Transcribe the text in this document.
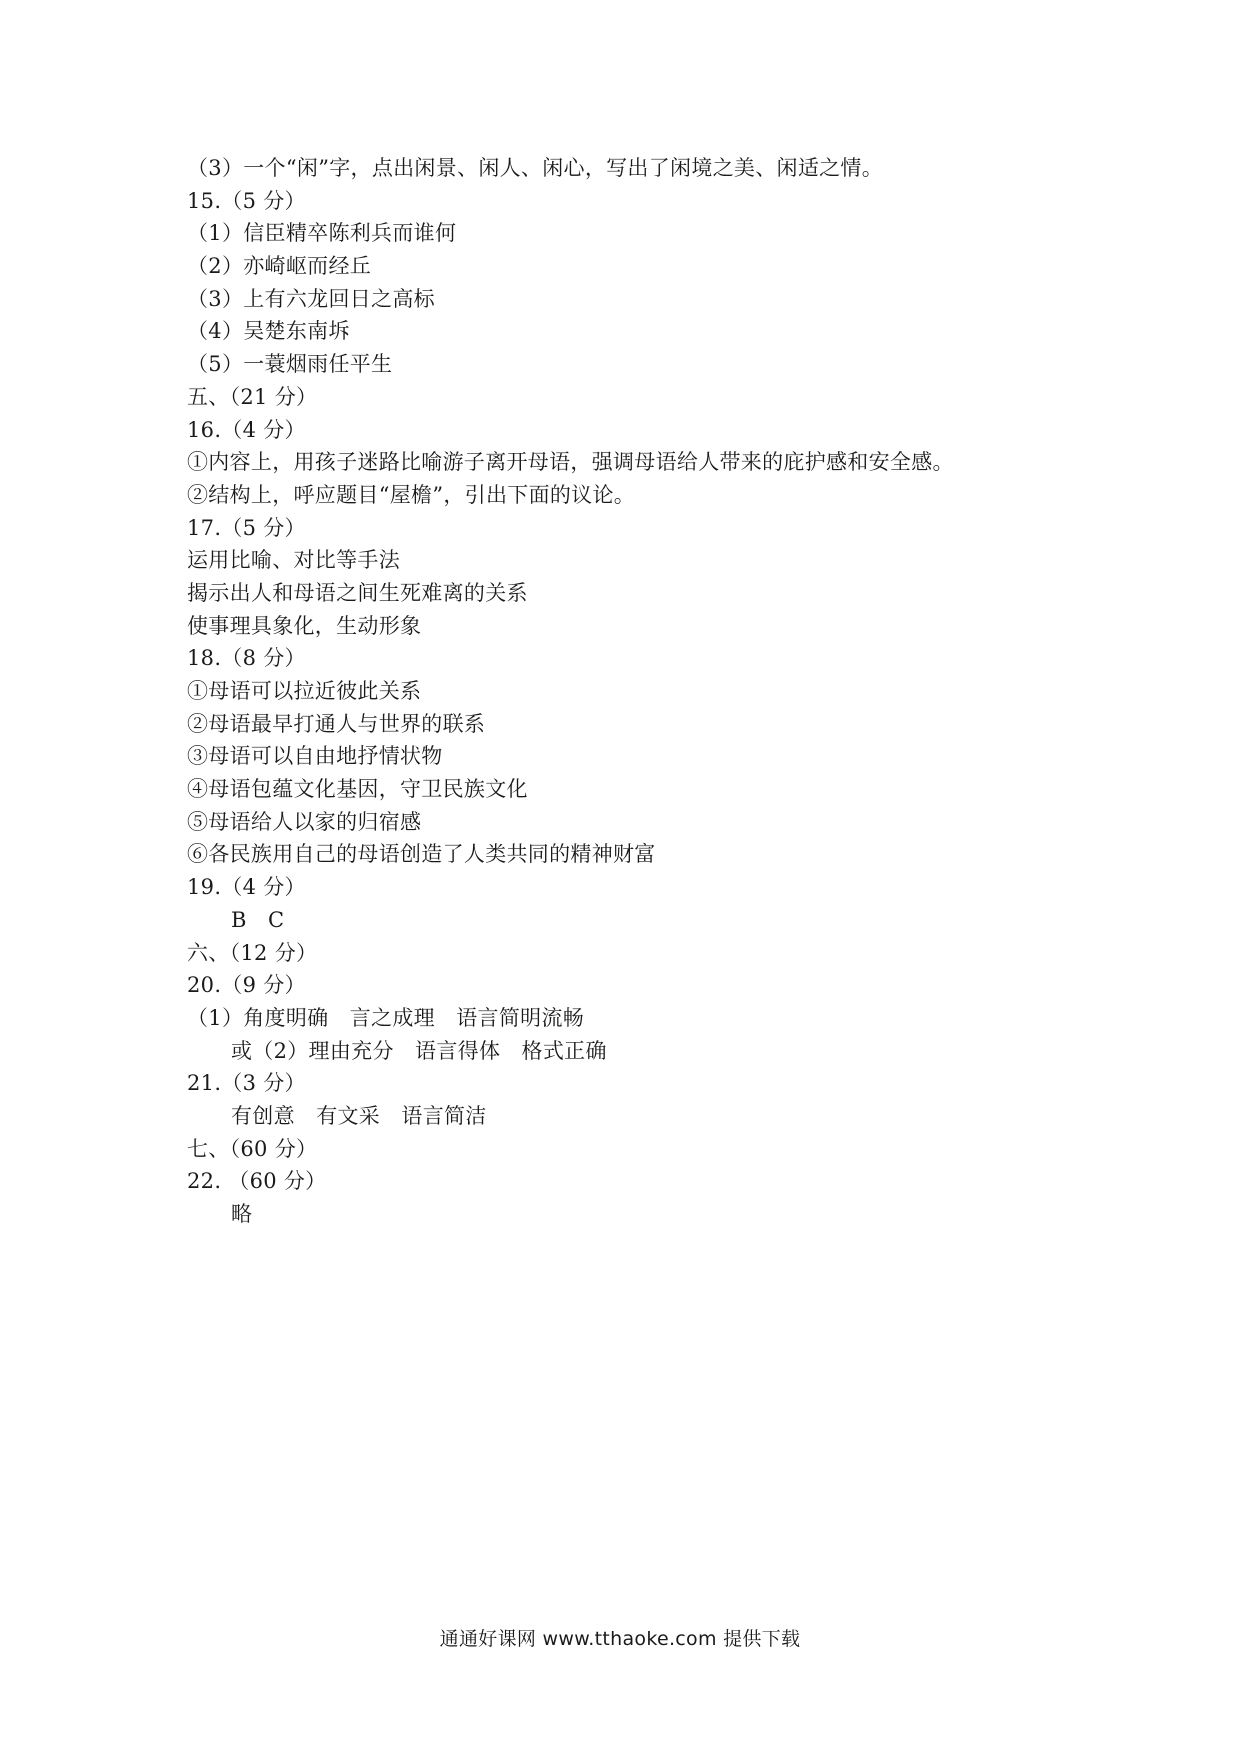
（3）一个“闲”字，点出闲景、闲人、闲心，写出了闲境之美、闲适之情。
15.（5 分）
（1）信臣精卒陈利兵而谁何
（2）亦崎岖而经丘
（3）上有六龙回日之高标
（4）吴楚东南坼
（5）一蓑烟雨任平生
五、（21 分）
16.（4 分）
①内容上，用孩子迷路比喻游子离开母语，强调母语给人带来的庇护感和安全感。
②结构上，呼应题目“屋檐”，引出下面的议论。
17.（5 分）
运用比喻、对比等手法
揭示出人和母语之间生死难离的关系
使事理具象化，生动形象
18.（8 分）
①母语可以拉近彼此关系
②母语最早打通人与世界的联系
③母语可以自由地抒情状物
④母语包蕴文化基因，守卫民族文化
⑤母语给人以家的归宿感
⑥各民族用自己的母语创造了人类共同的精神财富
19.（4 分）
B　C
六、（12 分）
20.（9 分）
（1）角度明确　言之成理　语言简明流畅
或（2）理由充分　语言得体　格式正确
21.（3 分）
有创意　有文采　语言简洁
七、（60 分）
22. （60 分）
略
通通好课网 www.tthaoke.com 提供下载
